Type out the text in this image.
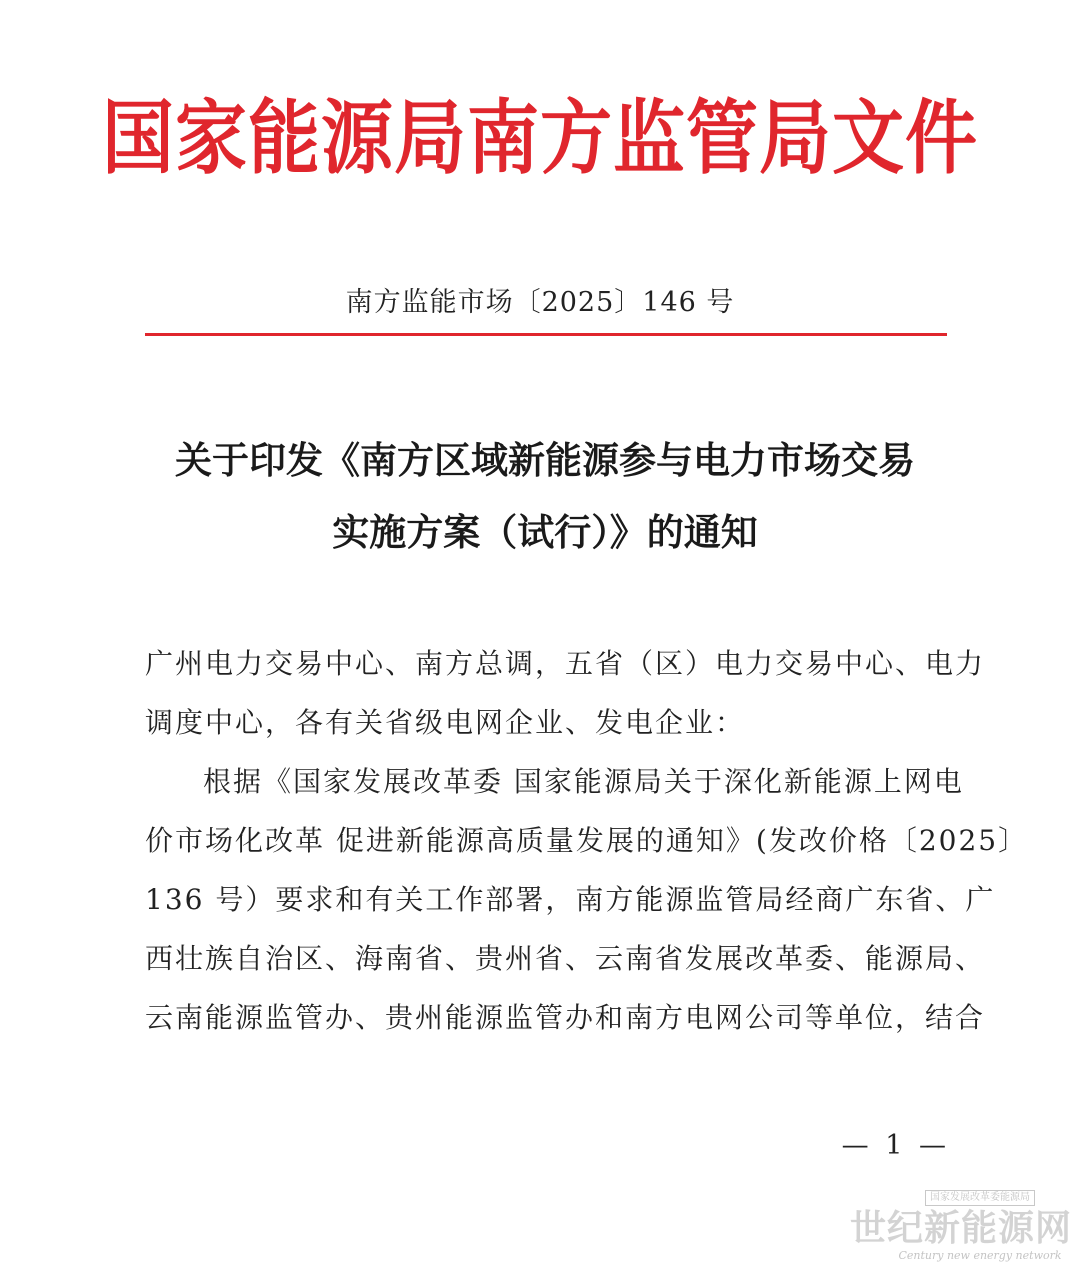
国家能源局南方监管局文件
南方监能市场〔2025〕146 号
关于印发《南方区域新能源参与电力市场交易
实施方案（试行）》的通知
广州电力交易中心、南方总调，五省（区）电力交易中心、电力
调度中心，各有关省级电网企业、发电企业：
根据《国家发展改革委 国家能源局关于深化新能源上网电
价市场化改革 促进新能源高质量发展的通知》(发改价格〔2025〕
136 号）要求和有关工作部署，南方能源监管局经商广东省、广
西壮族自治区、海南省、贵州省、云南省发展改革委、能源局、
云南能源监管办、贵州能源监管办和南方电网公司等单位，结合
— 1 —
国家发展改革委能源局
世纪新能源网
Century new energy network
